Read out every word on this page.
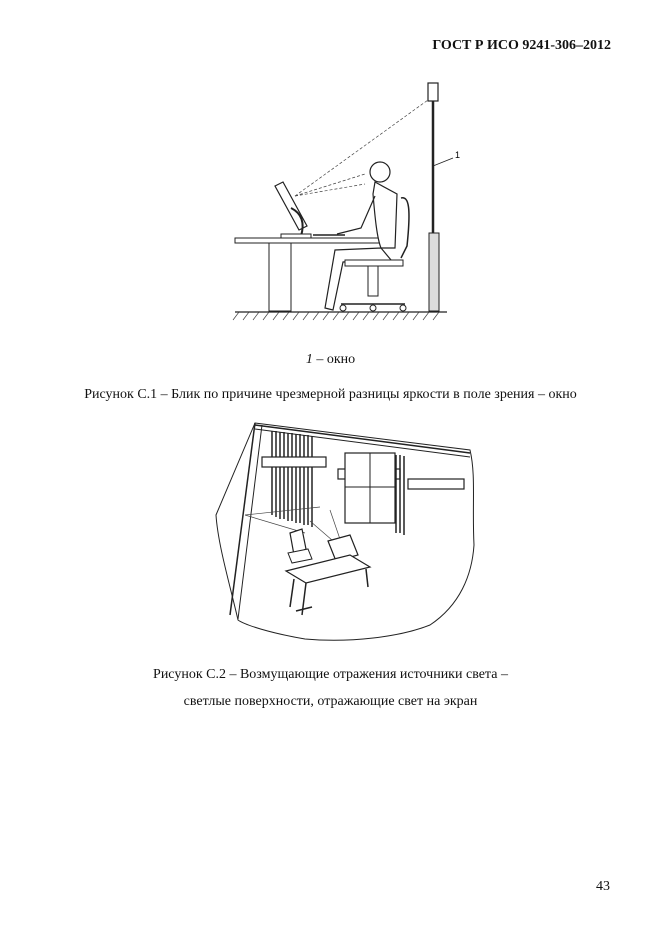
ГОСТ Р ИСО 9241-306–2012
1
1 – окно
Рисунок С.1 – Блик по причине чрезмерной разницы яркости в поле зрения – окно
Рисунок С.2 – Возмущающие отражения источники света –
светлые поверхности, отражающие свет на экран
43
